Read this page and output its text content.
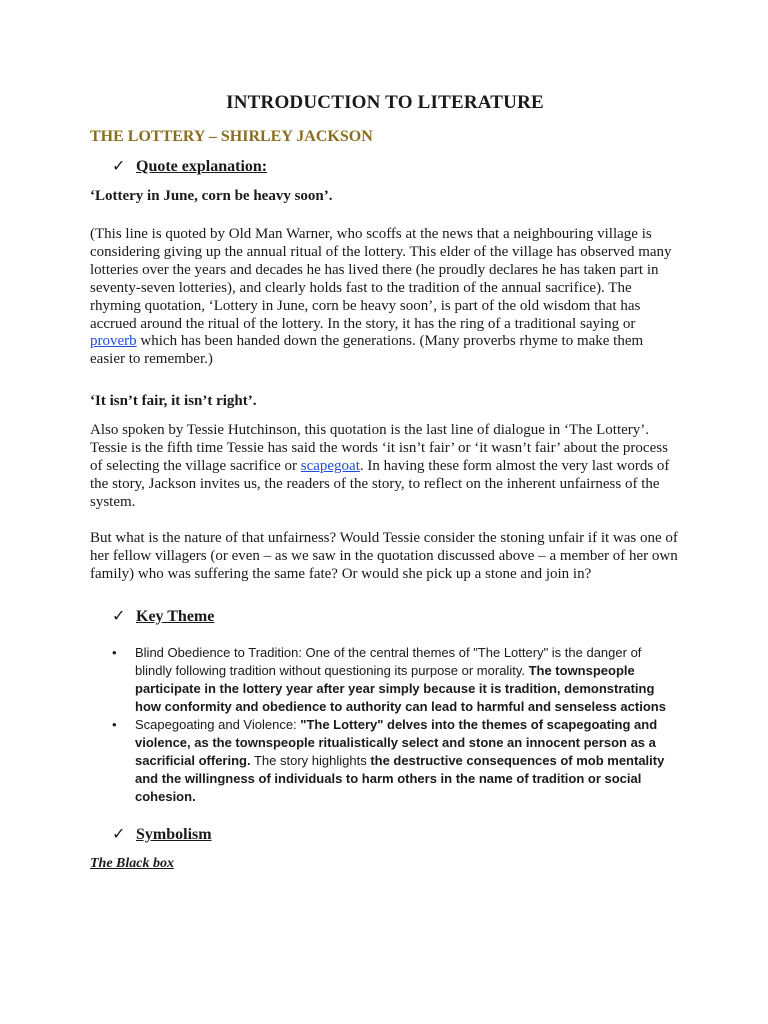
INTRODUCTION TO LITERATURE
THE LOTTERY – SHIRLEY JACKSON
✓ Quote explanation:

‘Lottery in June, corn be heavy soon’.

(This line is quoted by Old Man Warner, who scoffs at the news that a neighbouring village is considering giving up the annual ritual of the lottery. This elder of the village has observed many lotteries over the years and decades he has lived there (he proudly declares he has taken part in seventy-seven lotteries), and clearly holds fast to the tradition of the annual sacrifice). The rhyming quotation, ‘Lottery in June, corn be heavy soon’, is part of the old wisdom that has accrued around the ritual of the lottery. In the story, it has the ring of a traditional saying or proverb which has been handed down the generations. (Many proverbs rhyme to make them easier to remember.)

‘It isn’t fair, it isn’t right’.

Also spoken by Tessie Hutchinson, this quotation is the last line of dialogue in ‘The Lottery’. Tessie is the fifth time Tessie has said the words ‘it isn’t fair’ or ‘it wasn’t fair’ about the process of selecting the village sacrifice or scapegoat. In having these form almost the very last words of the story, Jackson invites us, the readers of the story, to reflect on the inherent unfairness of the system.

But what is the nature of that unfairness? Would Tessie consider the stoning unfair if it was one of her fellow villagers (or even – as we saw in the quotation discussed above – a member of her own family) who was suffering the same fate? Or would she pick up a stone and join in?

✓ Key Theme
• Blind Obedience to Tradition: One of the central themes of "The Lottery" is the danger of blindly following tradition without questioning its purpose or morality. The townspeople participate in the lottery year after year simply because it is tradition, demonstrating how conformity and obedience to authority can lead to harmful and senseless actions
• Scapegoating and Violence: "The Lottery" delves into the themes of scapegoating and violence, as the townspeople ritualistically select and stone an innocent person as a sacrificial offering. The story highlights the destructive consequences of mob mentality and the willingness of individuals to harm others in the name of tradition or social cohesion.
✓ Symbolism

The Black box
